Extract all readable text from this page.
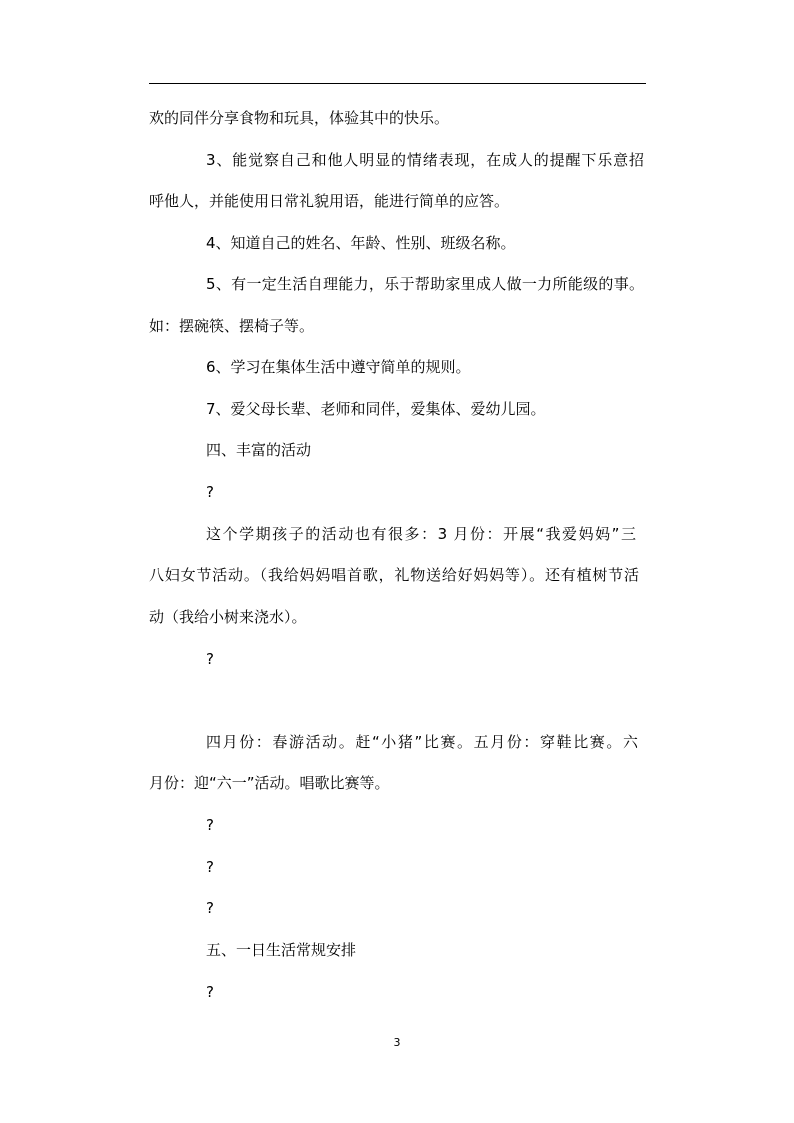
欢的同伴分享食物和玩具，体验其中的快乐。
3、能觉察自己和他人明显的情绪表现，在成人的提醒下乐意招
呼他人，并能使用日常礼貌用语，能进行简单的应答。
4、知道自己的姓名、年龄、性别、班级名称。
5、有一定生活自理能力，乐于帮助家里成人做一力所能级的事。
如：摆碗筷、摆椅子等。
6、学习在集体生活中遵守简单的规则。
7、爱父母长辈、老师和同伴，爱集体、爱幼儿园。
四、丰富的活动
?
这个学期孩子的活动也有很多：3 月份：开展“我爱妈妈”三
八妇女节活动。（我给妈妈唱首歌，礼物送给好妈妈等）。还有植树节活
动（我给小树来浇水）。
?
四月份：春游活动。赶“小猪”比赛。五月份：穿鞋比赛。六
月份：迎“六一”活动。唱歌比赛等。
?
?
?
五、一日生活常规安排
?
3
